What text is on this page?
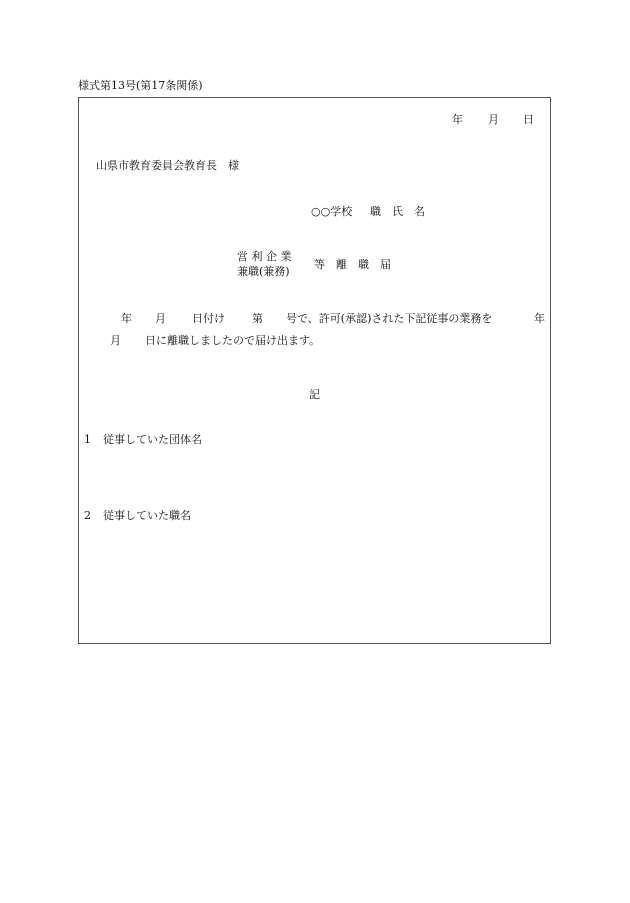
様式第13号(第17条関係)
年 月 日
山県市教育委員会教育長　様
○○学校 職　氏　名
営 利 企 業
兼職(兼務)
等　離　職　届
年 月 日付け 第 号で、許可(承認)された下記従事の業務を	年
月 日に離職しましたので届け出ます。
記
1 従事していた団体名
2 従事していた職名
